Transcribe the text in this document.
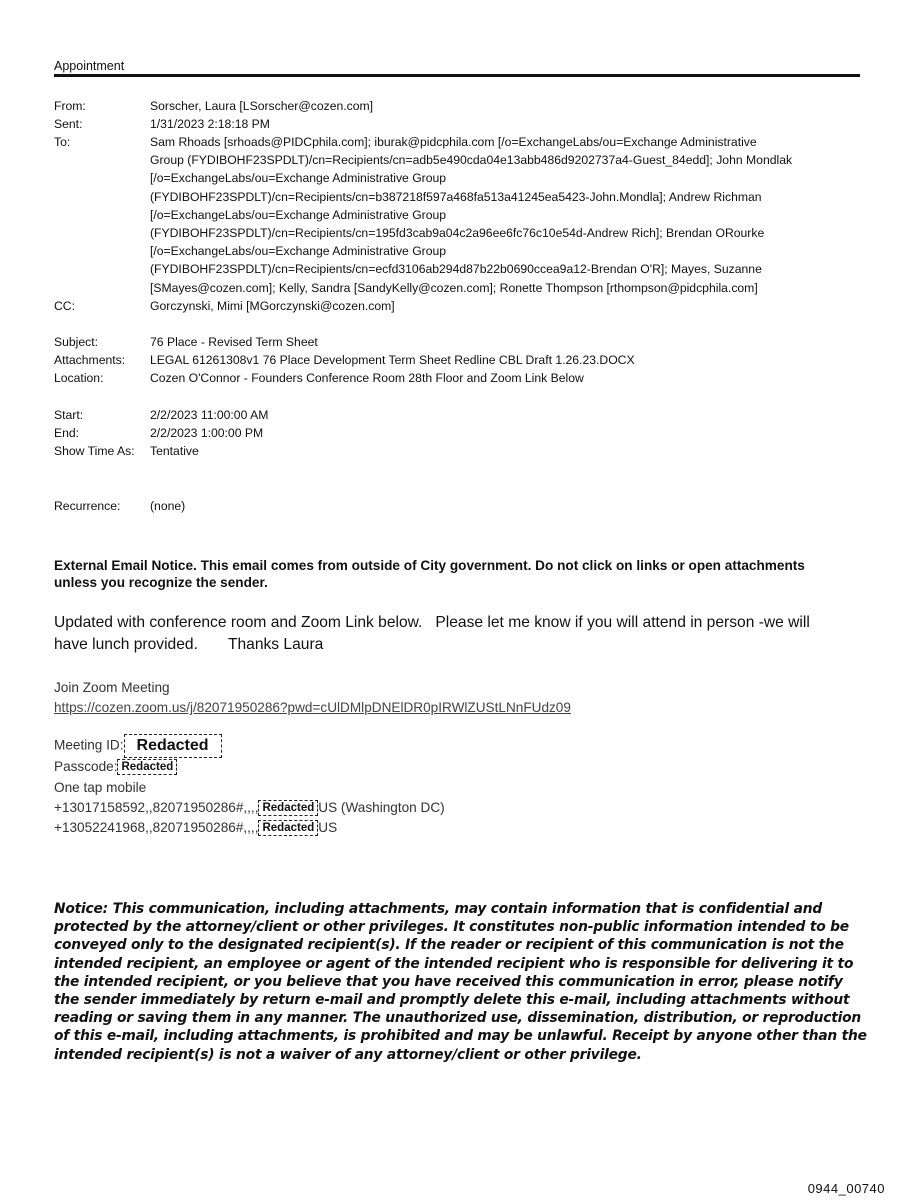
Appointment
From:	Sorscher, Laura [LSorscher@cozen.com]
Sent:	1/31/2023 2:18:18 PM
To:	Sam Rhoads [srhoads@PIDCphila.com]; iburak@pidcphila.com [/o=ExchangeLabs/ou=Exchange Administrative
Group (FYDIBOHF23SPDLT)/cn=Recipients/cn=adb5e490cda04e13abb486d9202737a4-Guest_84edd]; John Mondlak
[/o=ExchangeLabs/ou=Exchange Administrative Group
(FYDIBOHF23SPDLT)/cn=Recipients/cn=b387218f597a468fa513a41245ea5423-John.Mondla]; Andrew Richman
[/o=ExchangeLabs/ou=Exchange Administrative Group
(FYDIBOHF23SPDLT)/cn=Recipients/cn=195fd3cab9a04c2a96ee6fc76c10e54d-Andrew Rich]; Brendan ORourke
[/o=ExchangeLabs/ou=Exchange Administrative Group
(FYDIBOHF23SPDLT)/cn=Recipients/cn=ecfd3106ab294d87b22b0690ccea9a12-Brendan O'R]; Mayes, Suzanne
[SMayes@cozen.com]; Kelly, Sandra [SandyKelly@cozen.com]; Ronette Thompson [rthompson@pidcphila.com]
CC:	Gorczynski, Mimi [MGorczynski@cozen.com]
Subject:	76 Place - Revised Term Sheet
Attachments: LEGAL 61261308v1 76 Place Development Term Sheet Redline CBL Draft 1.26.23.DOCX
Location:	Cozen O'Connor - Founders Conference Room 28th Floor and Zoom Link Below
Start:	2/2/2023 11:00:00 AM
End:	2/2/2023 1:00:00 PM
Show Time As: Tentative
Recurrence: (none)
External Email Notice. This email comes from outside of City government. Do not click on links or open attachments unless you recognize the sender.
Updated with conference room and Zoom Link below.   Please let me know if you will attend in person -we will
have lunch provided.       Thanks Laura
Join Zoom Meeting
https://cozen.zoom.us/j/82071950286?pwd=cUlDMlpDNElDR0pIRWlZUStLNnFUdz09
Meeting ID: Redacted
Passcode: Redacted
One tap mobile
+13017158592,,82071950286#,,,, Redacted US (Washington DC)
+13052241968,,82071950286#,,,, Redacted US
Notice: This communication, including attachments, may contain information that is confidential and protected by the attorney/client or other privileges. It constitutes non-public information intended to be conveyed only to the designated recipient(s). If the reader or recipient of this communication is not the intended recipient, an employee or agent of the intended recipient who is responsible for delivering it to the intended recipient, or you believe that you have received this communication in error, please notify the sender immediately by return e-mail and promptly delete this e-mail, including attachments without reading or saving them in any manner. The unauthorized use, dissemination, distribution, or reproduction of this e-mail, including attachments, is prohibited and may be unlawful. Receipt by anyone other than the intended recipient(s) is not a waiver of any attorney/client or other privilege.
0944_00740
